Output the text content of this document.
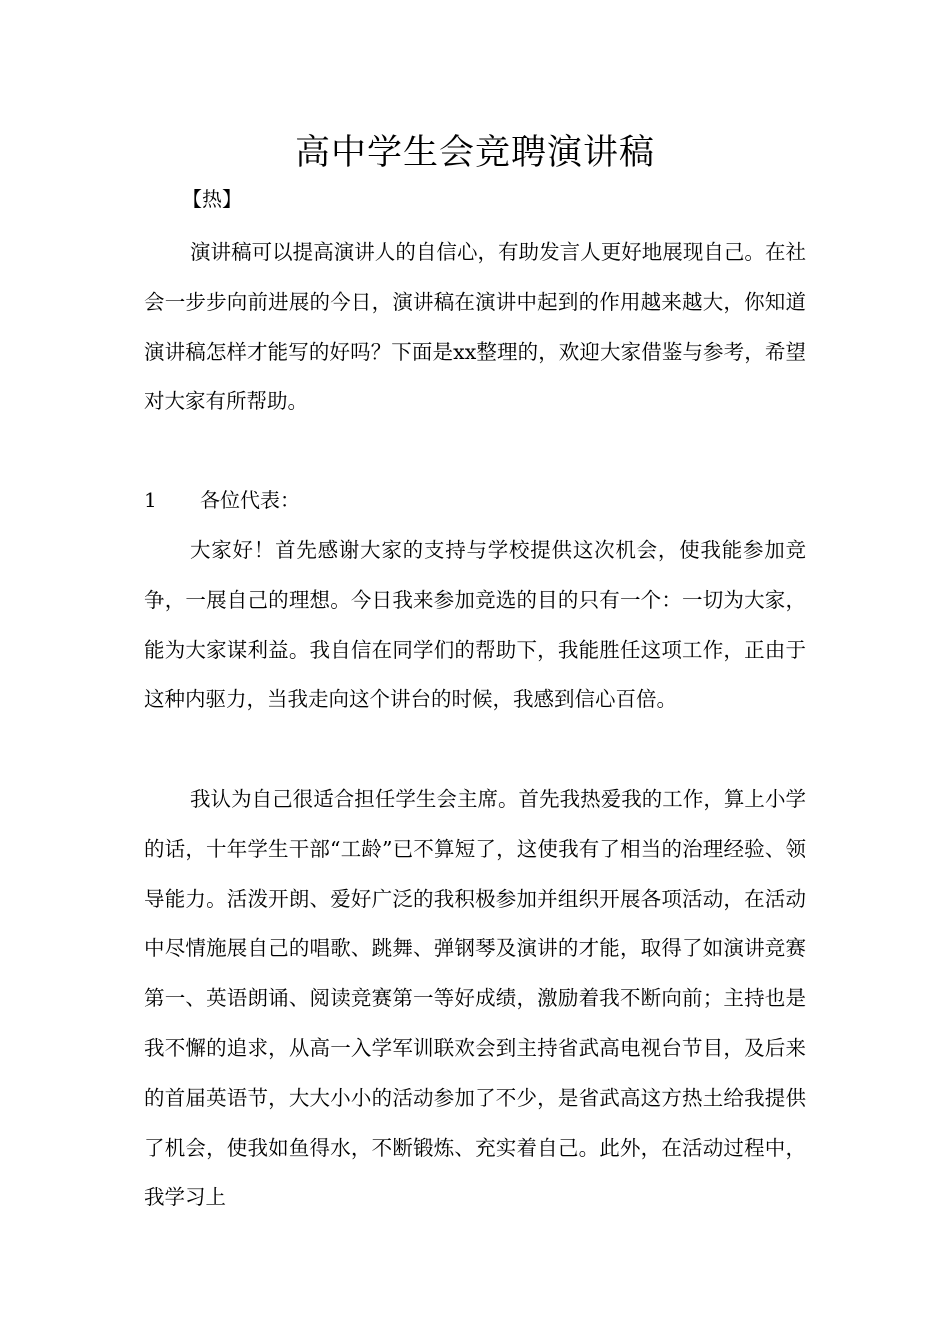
高中学生会竞聘演讲稿
【热】
演讲稿可以提高演讲人的自信心，有助发言人更好地展现自己。在社会一步步向前进展的今日，演讲稿在演讲中起到的作用越来越大，你知道演讲稿怎样才能写的好吗？下面是xx整理的，欢迎大家借鉴与参考，希望对大家有所帮助。
1 各位代表：
大家好！首先感谢大家的支持与学校提供这次机会，使我能参加竞争，一展自己的理想。今日我来参加竞选的目的只有一个：一切为大家，能为大家谋利益。我自信在同学们的帮助下，我能胜任这项工作，正由于这种内驱力，当我走向这个讲台的时候，我感到信心百倍。
我认为自己很适合担任学生会主席。首先我热爱我的工作，算上小学的话，十年学生干部“工龄”已不算短了，这使我有了相当的治理经验、领导能力。活泼开朗、爱好广泛的我积极参加并组织开展各项活动，在活动中尽情施展自己的唱歌、跳舞、弹钢琴及演讲的才能，取得了如演讲竞赛第一、英语朗诵、阅读竞赛第一等好成绩，激励着我不断向前；主持也是我不懈的追求，从高一入学军训联欢会到主持省武高电视台节目，及后来的首届英语节，大大小小的活动参加了不少，是省武高这方热土给我提供了机会，使我如鱼得水，不断锻炼、充实着自己。此外，在活动过程中，我学习上
